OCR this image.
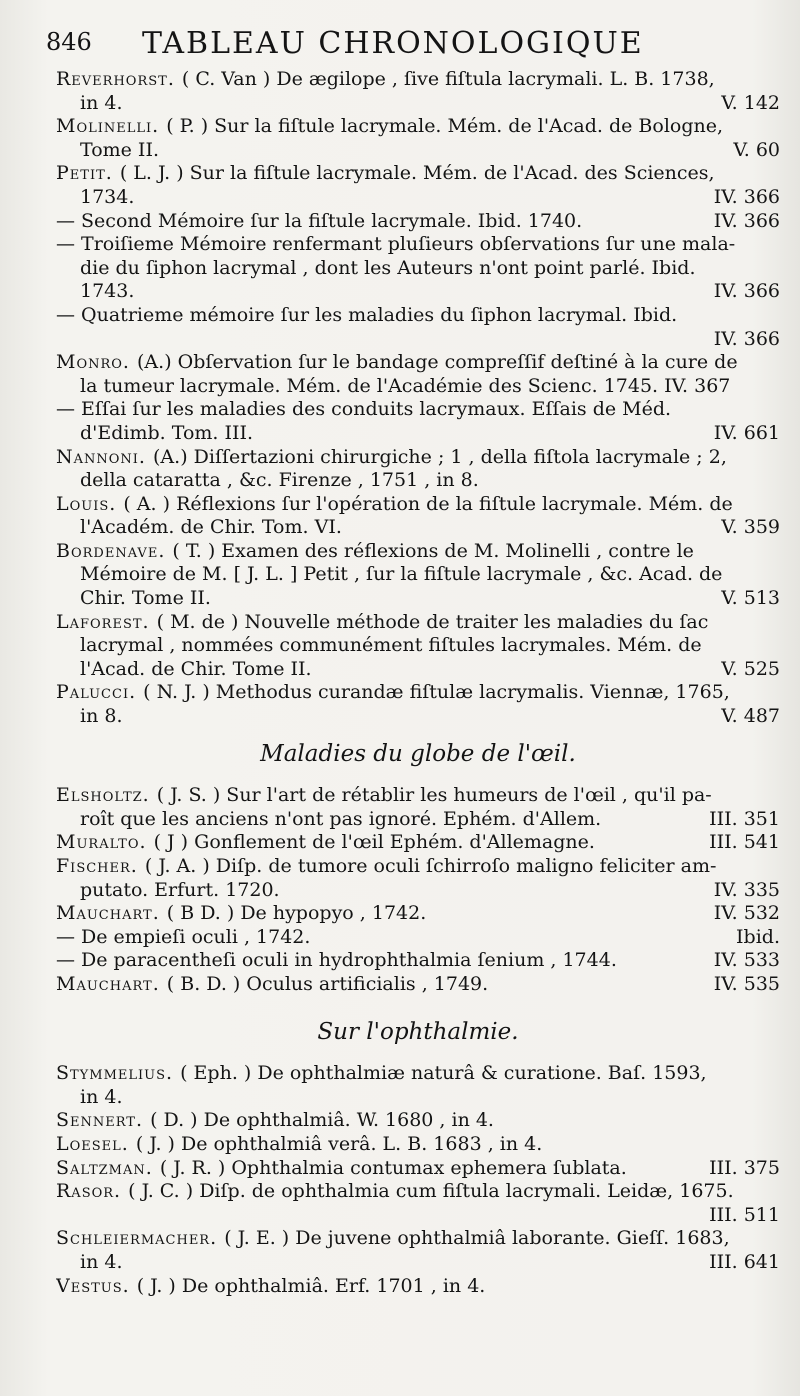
846 TABLEAU CHRONOLOGIQUE
Reverhorst. ( C. Van ) De ægilope , ſive fiſtula lacrymali. L. B. 1738,
in 4.	V. 142
Molinelli. ( P. ) Sur la fiſtule lacrymale. Mém. de l'Acad. de Bologne,
Tome II.	V. 60
Petit. ( L. J. ) Sur la fiſtule lacrymale. Mém. de l'Acad. des Sciences,
1734.	IV. 366
— Second Mémoire ſur la fiſtule lacrymale. Ibid. 1740.	IV. 366
— Troiſieme Mémoire renfermant pluſieurs obſervations ſur une mala-
die du ſiphon lacrymal , dont les Auteurs n'ont point parlé. Ibid.
1743.	IV. 366
— Quatrieme mémoire ſur les maladies du ſiphon lacrymal. Ibid.
IV. 366
Monro. (A.) Obſervation ſur le bandage compreſſif deſtiné à la cure de
la tumeur lacrymale. Mém. de l'Académie des Scienc. 1745. IV. 367
— Eſſai ſur les maladies des conduits lacrymaux. Eſſais de Méd.
d'Edimb. Tom. III.	IV. 661
Nannoni. (A.) Diſſertazioni chirurgiche ; 1 , della fiſtola lacrymale ; 2,
della cataratta , &c. Firenze , 1751 , in 8.
Louis. ( A. ) Réflexions ſur l'opération de la fiſtule lacrymale. Mém. de
l'Académ. de Chir. Tom. VI.	V. 359
Bordenave. ( T. ) Examen des réflexions de M. Molinelli , contre le
Mémoire de M. [ J. L. ] Petit , ſur la fiſtule lacrymale , &c. Acad. de
Chir. Tome II.	V. 513
Laforest. ( M. de ) Nouvelle méthode de traiter les maladies du ſac
lacrymal , nommées communément fiſtules lacrymales. Mém. de
l'Acad. de Chir. Tome II.	V. 525
Palucci. ( N. J. ) Methodus curandæ fiſtulæ lacrymalis. Viennæ, 1765,
in 8.	V. 487
Maladies du globe de l'œil.
Elsholtz. ( J. S. ) Sur l'art de rétablir les humeurs de l'œil , qu'il pa-
roît que les anciens n'ont pas ignoré. Ephém. d'Allem.	III. 351
Muralto. ( J ) Gonflement de l'œil Ephém. d'Allemagne.	III. 541
Fischer. ( J. A. ) Diſp. de tumore oculi ſchirroſo maligno feliciter am-
putato. Erfurt. 1720.	IV. 335
Mauchart. ( B D. ) De hypopyo , 1742.	IV. 532
— De empieſi oculi , 1742.	Ibid.
— De paracentheſi oculi in hydrophthalmia ſenium , 1744.	IV. 533
Mauchart. ( B. D. ) Oculus artificialis , 1749.	IV. 535
Sur l'ophthalmie.
Stymmelius. ( Eph. ) De ophthalmiæ naturâ & curatione. Baſ. 1593,
in 4.
Sennert. ( D. ) De ophthalmiâ. W. 1680 , in 4.
Loesel. ( J. ) De ophthalmiâ verâ. L. B. 1683 , in 4.
Saltzman. ( J. R. ) Ophthalmia contumax ephemera ſublata.	III. 375
Rasor. ( J. C. ) Diſp. de ophthalmia cum fiſtula lacrymali. Leidæ, 1675.
III. 511
Schleiermacher. ( J. E. ) De juvene ophthalmiâ laborante. Gieſſ. 1683,
in 4.	III. 641
Vestus. ( J. ) De ophthalmiâ. Erf. 1701 , in 4.
